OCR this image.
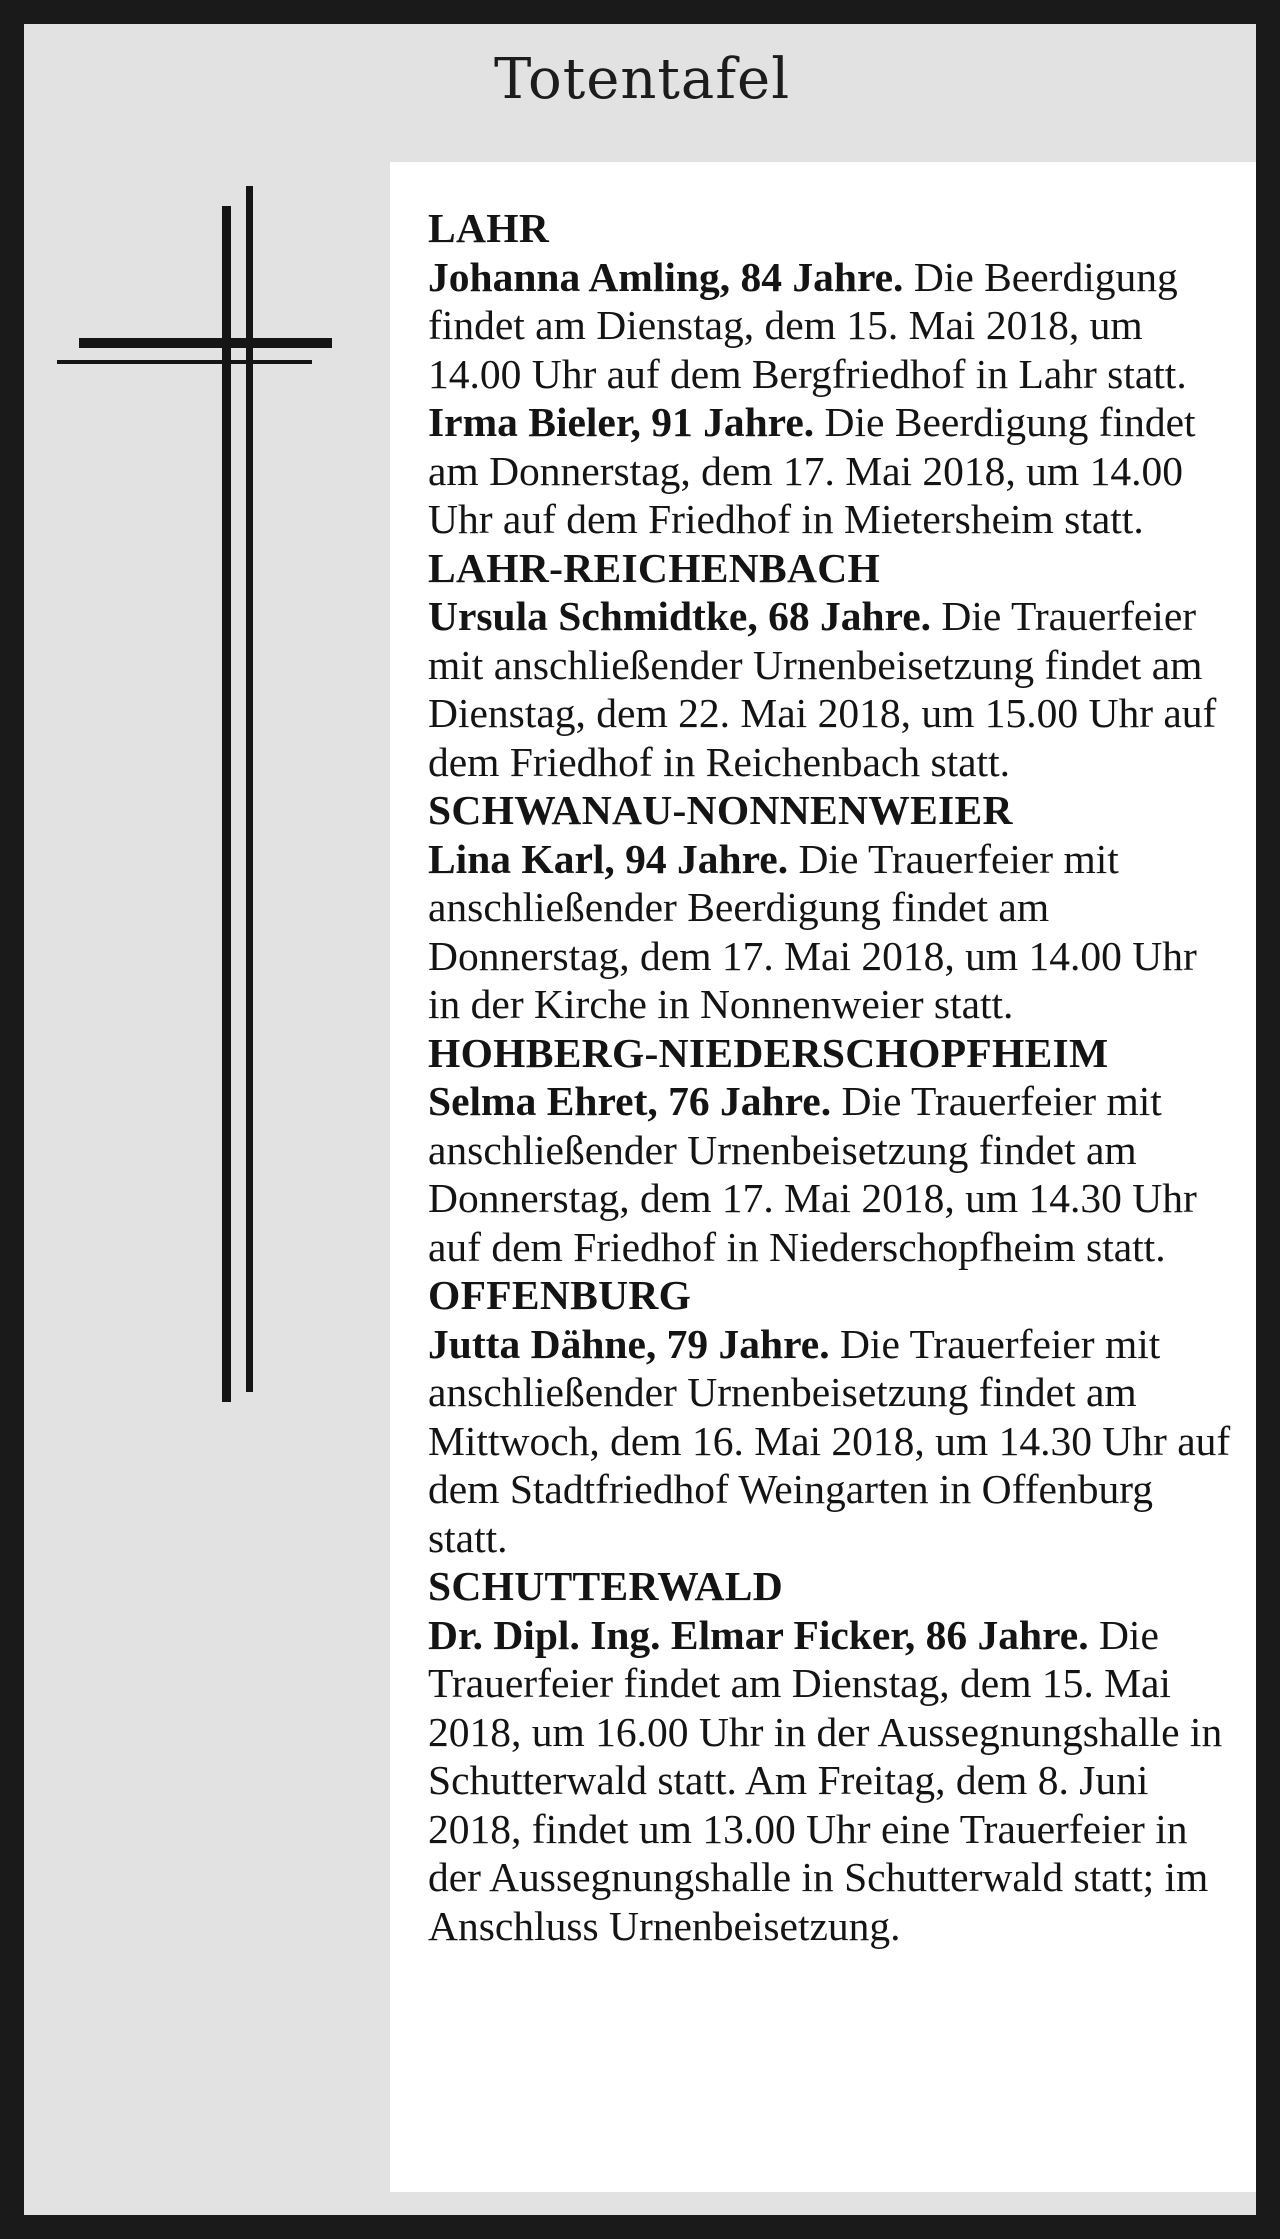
Totentafel
LAHR

Johanna Amling, 84 Jahre. Die Beerdigung findet am Dienstag, dem 15. Mai 2018, um 14.00 Uhr auf dem Bergfriedhof in Lahr statt.

Irma Bieler, 91 Jahre. Die Beerdigung findet am Donnerstag, dem 17. Mai 2018, um 14.00 Uhr auf dem Friedhof in Mietersheim statt.

LAHR-REICHENBACH

Ursula Schmidtke, 68 Jahre. Die Trauerfeier mit anschließender Urnenbeisetzung findet am Dienstag, dem 22. Mai 2018, um 15.00 Uhr auf dem Friedhof in Reichenbach statt.

SCHWANAU-NONNENWEIER

Lina Karl, 94 Jahre. Die Trauerfeier mit anschließender Beerdigung findet am Donnerstag, dem 17. Mai 2018, um 14.00 Uhr in der Kirche in Nonnenweier statt.

HOHBERG-NIEDERSCHOPFHEIM

Selma Ehret, 76 Jahre. Die Trauerfeier mit anschließender Urnenbeisetzung findet am Donnerstag, dem 17. Mai 2018, um 14.30 Uhr auf dem Friedhof in Niederschopfheim statt.

OFFENBURG

Jutta Dähne, 79 Jahre. Die Trauerfeier mit anschließender Urnenbeisetzung findet am Mittwoch, dem 16. Mai 2018, um 14.30 Uhr auf dem Stadtfriedhof Weingarten in Offenburg statt.

SCHUTTERWALD

Dr. Dipl. Ing. Elmar Ficker, 86 Jahre. Die Trauerfeier findet am Dienstag, dem 15. Mai 2018, um 16.00 Uhr in der Aussegnungshalle in Schutterwald statt. Am Freitag, dem 8. Juni 2018, findet um 13.00 Uhr eine Trauerfeier in der Aussegnungshalle in Schutterwald statt; im Anschluss Urnenbeisetzung.
